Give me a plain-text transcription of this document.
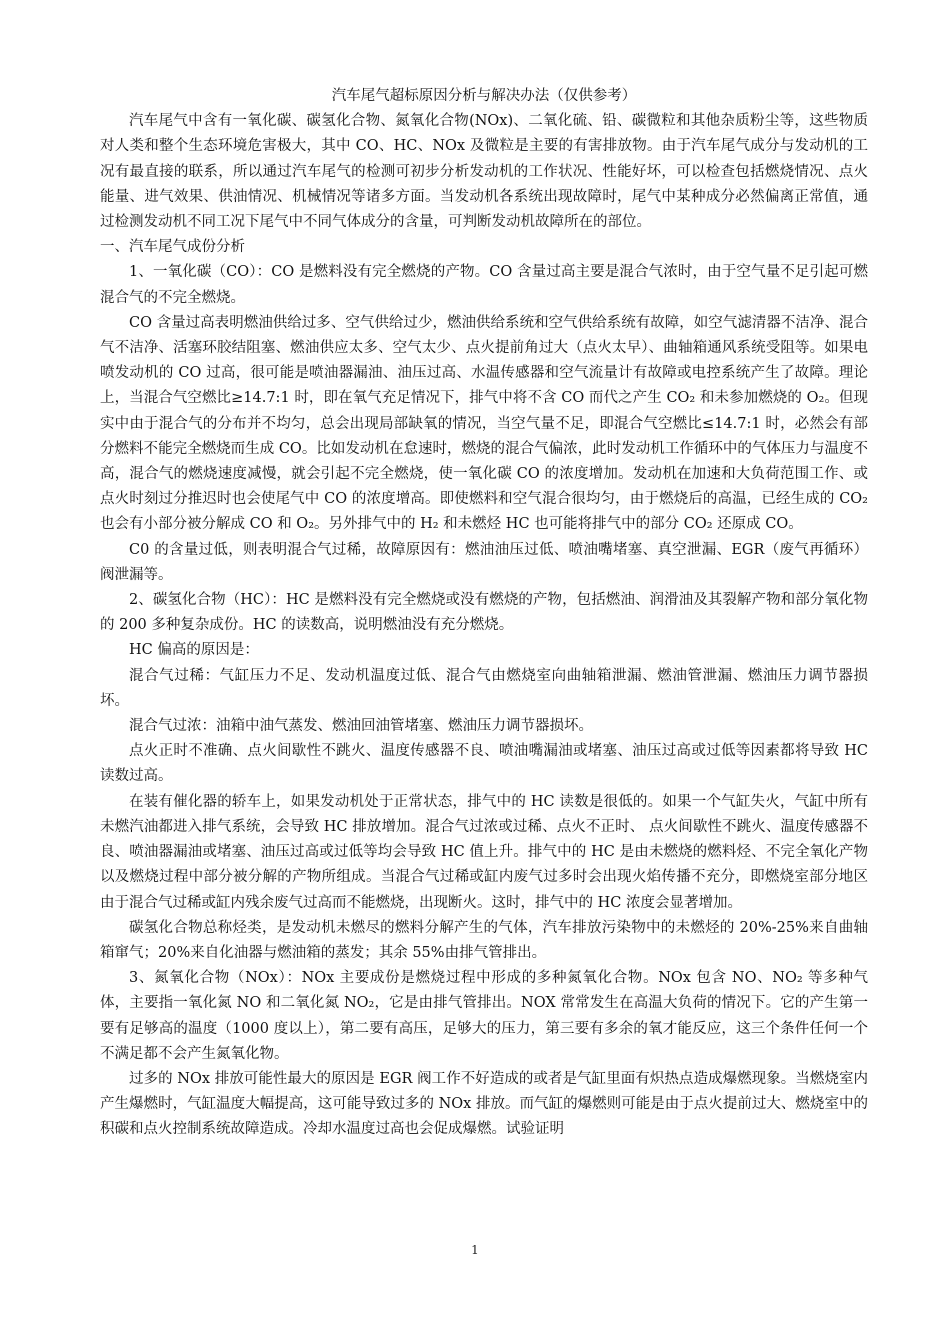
汽车尾气超标原因分析与解决办法（仅供参考）

汽车尾气中含有一氧化碳、碳氢化合物、氮氧化合物(NOx)、二氧化硫、铅、碳微粒和其他杂质粉尘等，这些物质对人类和整个生态环境危害极大，其中 CO、HC、NOx 及微粒是主要的有害排放物。由于汽车尾气成分与发动机的工况有最直接的联系，所以通过汽车尾气的检测可初步分析发动机的工作状况、性能好坏，可以检查包括燃烧情况、点火能量、进气效果、供油情况、机械情况等诸多方面。当发动机各系统出现故障时，尾气中某种成分必然偏离正常值，通过检测发动机不同工况下尾气中不同气体成分的含量，可判断发动机故障所在的部位。

一、汽车尾气成份分析

1、一氧化碳（CO）：CO 是燃料没有完全燃烧的产物。CO 含量过高主要是混合气浓时，由于空气量不足引起可燃混合气的不完全燃烧。

CO 含量过高表明燃油供给过多、空气供给过少，燃油供给系统和空气供给系统有故障，如空气滤清器不洁净、混合气不洁净、活塞环胶结阻塞、燃油供应太多、空气太少、点火提前角过大（点火太早）、曲轴箱通风系统受阻等。如果电喷发动机的 CO 过高，很可能是喷油器漏油、油压过高、水温传感器和空气流量计有故障或电控系统产生了故障。理论上，当混合气空燃比≥14.7:1 时，即在氧气充足情况下，排气中将不含 CO 而代之产生 CO₂ 和未参加燃烧的 O₂。但现实中由于混合气的分布并不均匀，总会出现局部缺氧的情况，当空气量不足，即混合气空燃比≤14.7:1 时，必然会有部分燃料不能完全燃烧而生成 CO。比如发动机在怠速时，燃烧的混合气偏浓，此时发动机工作循环中的气体压力与温度不高，混合气的燃烧速度减慢，就会引起不完全燃烧，使一氧化碳 CO 的浓度增加。发动机在加速和大负荷范围工作、或点火时刻过分推迟时也会使尾气中 CO 的浓度增高。即使燃料和空气混合很均匀，由于燃烧后的高温，已经生成的 CO₂ 也会有小部分被分解成 CO 和 O₂。另外排气中的 H₂ 和未燃烃 HC 也可能将排气中的部分 CO₂ 还原成 CO。

C0 的含量过低，则表明混合气过稀，故障原因有：燃油油压过低、喷油嘴堵塞、真空泄漏、EGR（废气再循环）阀泄漏等。

2、碳氢化合物（HC）：HC 是燃料没有完全燃烧或没有燃烧的产物，包括燃油、润滑油及其裂解产物和部分氧化物的 200 多种复杂成份。HC 的读数高，说明燃油没有充分燃烧。

HC 偏高的原因是：

混合气过稀：气缸压力不足、发动机温度过低、混合气由燃烧室向曲轴箱泄漏、燃油管泄漏、燃油压力调节器损坏。

混合气过浓：油箱中油气蒸发、燃油回油管堵塞、燃油压力调节器损坏。

点火正时不准确、点火间歇性不跳火、温度传感器不良、喷油嘴漏油或堵塞、油压过高或过低等因素都将导致 HC 读数过高。

在装有催化器的轿车上，如果发动机处于正常状态，排气中的 HC 读数是很低的。如果一个气缸失火，气缸中所有未燃汽油都进入排气系统，会导致 HC 排放增加。混合气过浓或过稀、点火不正时、 点火间歇性不跳火、温度传感器不良、喷油器漏油或堵塞、油压过高或过低等均会导致 HC 值上升。排气中的 HC 是由未燃烧的燃料烃、不完全氧化产物以及燃烧过程中部分被分解的产物所组成。当混合气过稀或缸内废气过多时会出现火焰传播不充分，即燃烧室部分地区由于混合气过稀或缸内残余废气过高而不能燃烧，出现断火。这时，排气中的 HC 浓度会显著增加。

碳氢化合物总称烃类，是发动机未燃尽的燃料分解产生的气体，汽车排放污染物中的未燃烃的 20%-25%来自曲轴箱窜气；20%来自化油器与燃油箱的蒸发；其余 55%由排气管排出。

3、氮氧化合物（NOx）：NOx 主要成份是燃烧过程中形成的多种氮氧化合物。NOx 包含 NO、NO₂ 等多种气体，主要指一氧化氮 NO 和二氧化氮 NO₂，它是由排气管排出。NOX 常常发生在高温大负荷的情况下。它的产生第一要有足够高的温度（1000 度以上），第二要有高压，足够大的压力，第三要有多余的氧才能反应，这三个条件任何一个不满足都不会产生氮氧化物。

过多的 NOx 排放可能性最大的原因是 EGR 阀工作不好造成的或者是气缸里面有炽热点造成爆燃现象。当燃烧室内产生爆燃时，气缸温度大幅提高，这可能导致过多的 NOx 排放。而气缸的爆燃则可能是由于点火提前过大、燃烧室中的积碳和点火控制系统故障造成。冷却水温度过高也会促成爆燃。试验证明

1
